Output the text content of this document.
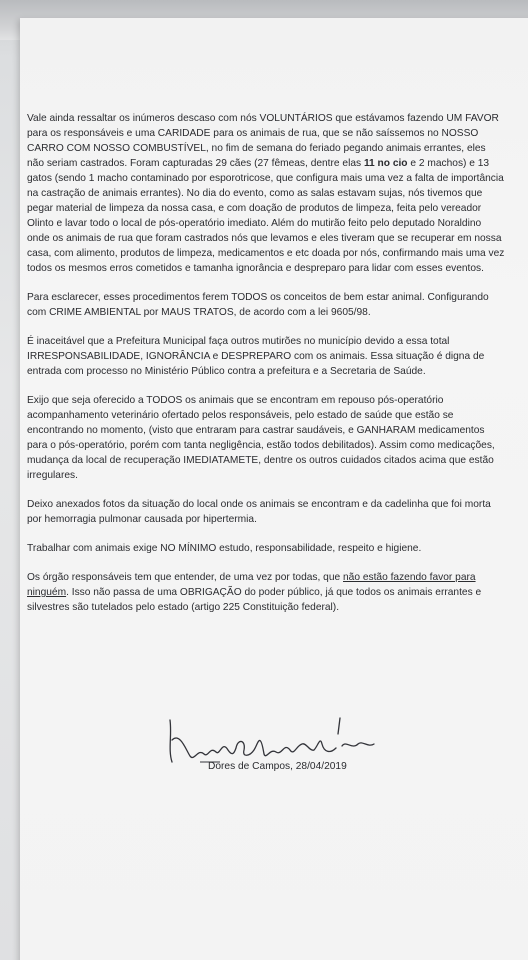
Vale ainda ressaltar os inúmeros descaso com nós VOLUNTÁRIOS que estávamos fazendo UM FAVOR para os responsáveis e uma CARIDADE para os animais de rua, que se não saíssemos no NOSSO CARRO COM NOSSO COMBUSTÍVEL, no fim de semana do feriado pegando animais errantes, eles não seriam castrados. Foram capturadas 29 cães (27 fêmeas, dentre elas 11 no cio e 2 machos) e 13 gatos (sendo 1 macho contaminado por esporotricose, que configura mais uma vez a falta de importância na castração de animais errantes). No dia do evento, como as salas estavam sujas, nós tivemos que pegar material de limpeza da nossa casa, e com doação de produtos de limpeza, feita pelo vereador Olinto e lavar todo o local de pós-operatório imediato. Além do mutirão feito pelo deputado Noraldino onde os animais de rua que foram castrados nós que levamos e eles tiveram que se recuperar em nossa casa, com alimento, produtos de limpeza, medicamentos e etc doada por nós, confirmando mais uma vez todos os mesmos erros cometidos e tamanha ignorância e despreparo para lidar com esses eventos.

Para esclarecer, esses procedimentos ferem TODOS os conceitos de bem estar animal. Configurando com CRIME AMBIENTAL por MAUS TRATOS, de acordo com a lei 9605/98.

É inaceitável que a Prefeitura Municipal faça outros mutirões no município devido a essa total IRRESPONSABILIDADE, IGNORÂNCIA e DESPREPARO com os animais. Essa situação é digna de entrada com processo no Ministério Público contra a prefeitura e a Secretaria de Saúde.

Exijo que seja oferecido a TODOS os animais que se encontram em repouso pós-operatório acompanhamento veterinário ofertado pelos responsáveis, pelo estado de saúde que estão se encontrando no momento, (visto que entraram para castrar saudáveis, e GANHARAM medicamentos para o pós-operatório, porém com tanta negligência, estão todos debilitados). Assim como medicações, mudança da local de recuperação IMEDIATAMETE, dentre os outros cuidados citados acima que estão irregulares.

Deixo anexados fotos da situação do local onde os animais se encontram e da cadelinha que foi morta por hemorragia pulmonar causada por hipertermia.

Trabalhar com animais exige NO MÍNIMO estudo, responsabilidade, respeito e higiene.

Os órgão responsáveis tem que entender, de uma vez por todas, que não estão fazendo favor para ninguém. Isso não passa de uma OBRIGAÇÃO do poder público, já que todos os animais errantes e silvestres são tutelados pelo estado (artigo 225 Constituição federal).

Dores de Campos, 28/04/2019
